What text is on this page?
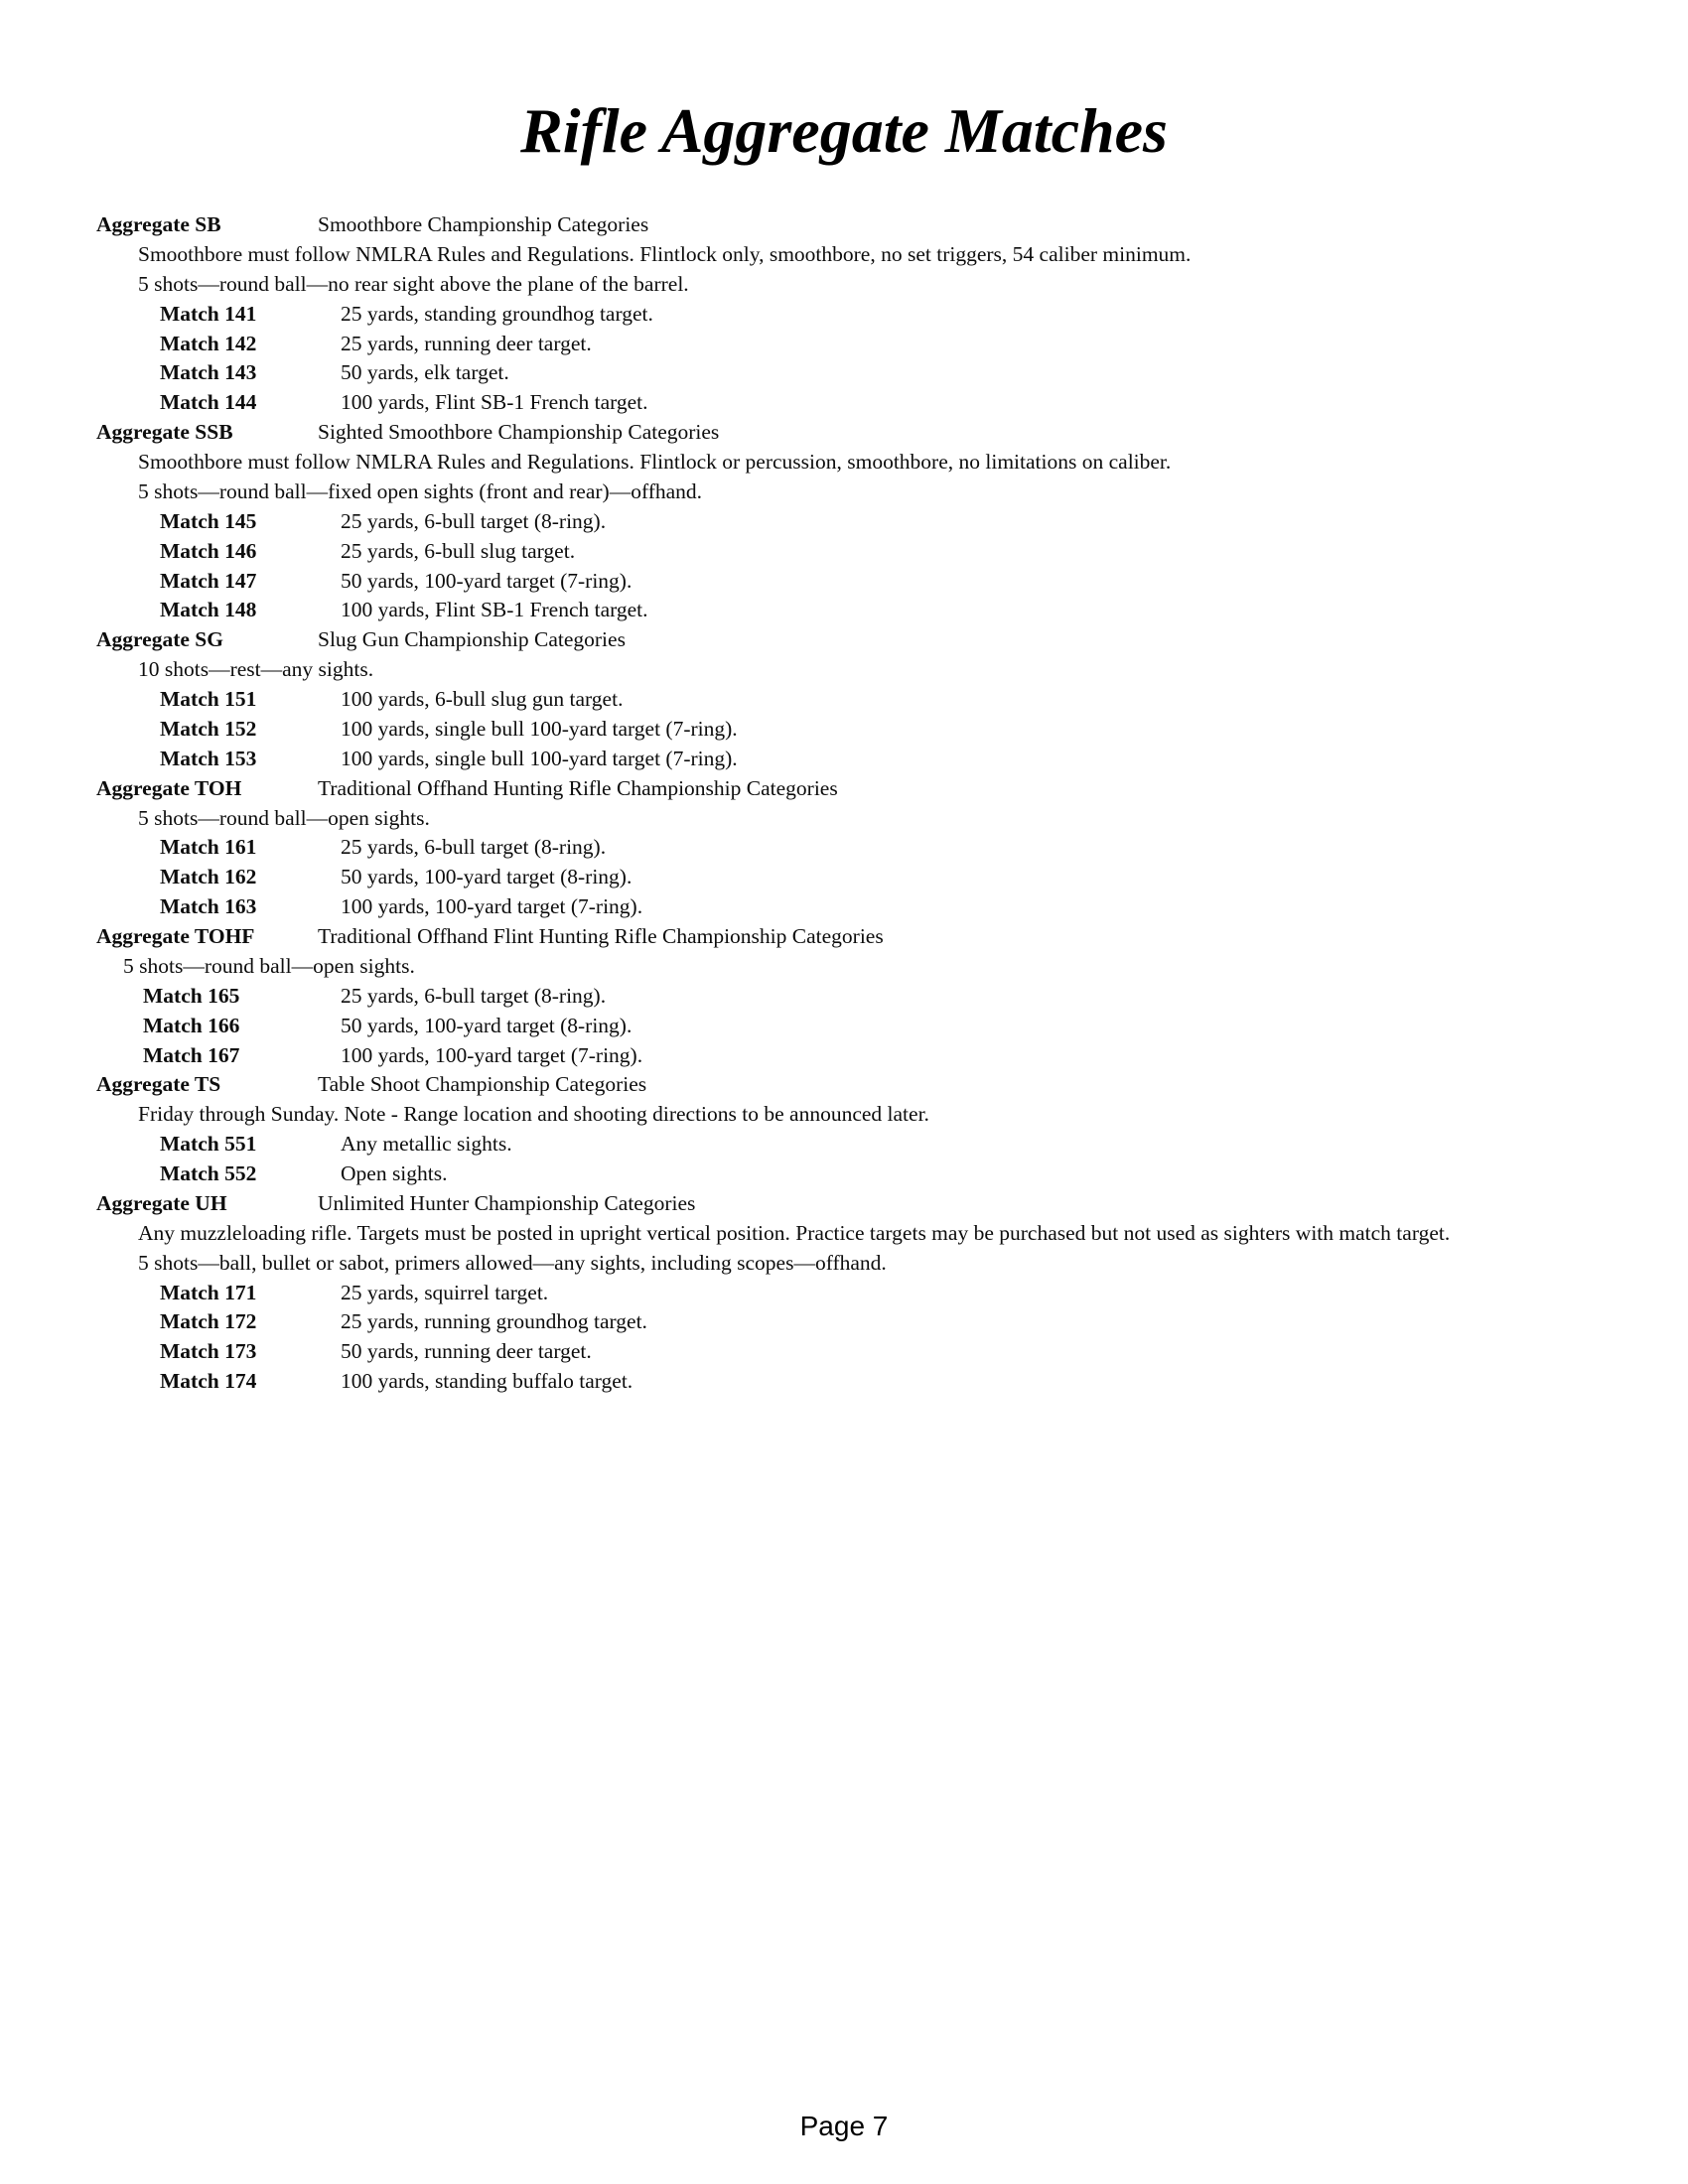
Rifle Aggregate Matches
Aggregate SB	Smoothbore Championship Categories
Smoothbore must follow NMLRA Rules and Regulations. Flintlock only, smoothbore, no set triggers, 54 caliber minimum.
5 shots—round ball—no rear sight above the plane of the barrel.
Match 141	25 yards, standing groundhog target.
Match 142	25 yards, running deer target.
Match 143	50 yards, elk target.
Match 144	100 yards, Flint SB-1 French target.
Aggregate SSB	Sighted Smoothbore Championship Categories
Smoothbore must follow NMLRA Rules and Regulations. Flintlock or percussion, smoothbore, no limitations on caliber.
5 shots—round ball—fixed open sights (front and rear)—offhand.
Match 145	25 yards, 6-bull target (8-ring).
Match 146	25 yards, 6-bull slug target.
Match 147	50 yards, 100-yard target (7-ring).
Match 148	100 yards, Flint SB-1 French target.
Aggregate SG	Slug Gun Championship Categories
10 shots—rest—any sights.
Match 151	100 yards, 6-bull slug gun target.
Match 152	100 yards, single bull 100-yard target (7-ring).
Match 153	100 yards, single bull 100-yard target (7-ring).
Aggregate TOH	Traditional Offhand Hunting Rifle Championship Categories
5 shots—round ball—open sights.
Match 161	25 yards, 6-bull target (8-ring).
Match 162	50 yards, 100-yard target (8-ring).
Match 163	100 yards, 100-yard target (7-ring).
Aggregate TOHF	Traditional Offhand Flint Hunting Rifle Championship Categories
5 shots—round ball—open sights.
Match 165	25 yards, 6-bull target (8-ring).
Match 166	50 yards, 100-yard target (8-ring).
Match 167	100 yards, 100-yard target (7-ring).
Aggregate TS	Table Shoot Championship Categories
Friday through Sunday. Note - Range location and shooting directions to be announced later.
Match 551	Any metallic sights.
Match 552	Open sights.
Aggregate UH	Unlimited Hunter Championship Categories
Any muzzleloading rifle. Targets must be posted in upright vertical position. Practice targets may be purchased but not used as sighters with match target.
5 shots—ball, bullet or sabot, primers allowed—any sights, including scopes—offhand.
Match 171	25 yards, squirrel target.
Match 172	25 yards, running groundhog target.
Match 173	50 yards, running deer target.
Match 174	100 yards, standing buffalo target.
Page 7
